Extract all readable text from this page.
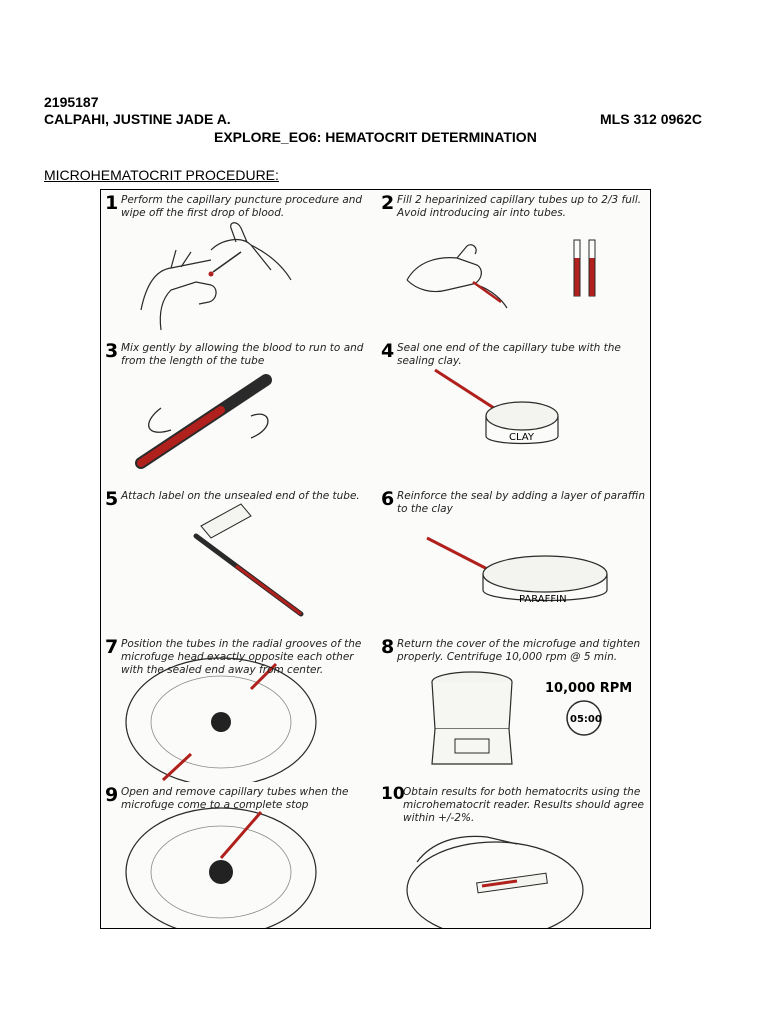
2195187
CALPAHI, JUSTINE JADE A.	MLS 312 0962C
EXPLORE_EO6: HEMATOCRIT DETERMINATION
MICROHEMATOCRIT PROCEDURE:
1 Perform the capillary puncture procedure and wipe off the first drop of blood.	2 Fill 2 heparinized capillary tubes up to 2/3 full. Avoid introducing air into tubes.
3 Mix gently by allowing the blood to run to and from the length of the tube
CLAY
4 Seal one end of the capillary tube with the sealing clay.
5 Attach label on the unsealed end of the tube.
PARAFFIN
6 Reinforce the seal by adding a layer of paraffin to the clay
7 Position the tubes in the radial grooves of the microfuge head exactly opposite each other with the sealed end away from center.
10,000 RPM
05:00
8 Return the cover of the microfuge and tighten properly. Centrifuge 10,000 rpm @ 5 min.
9 Open and remove capillary tubes when the microfuge come to a complete stop
10
Obtain results for both hematocrits using the microhematocrit reader. Results should agree within +/-2%.
